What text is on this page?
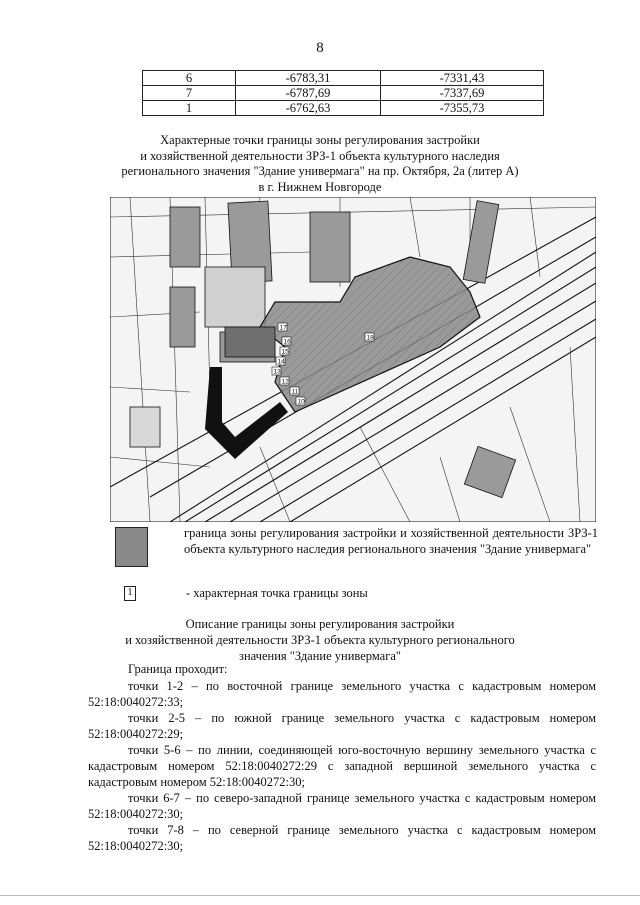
8
6	-6783,31	-7331,43
7	-6787,69	-7337,69
1	-6762,63	-7355,73
Характерные точки границы зоны регулирования застройки
и хозяйственной деятельности ЗРЗ-1 объекта культурного наследия
регионального значения "Здание универмага" на пр. Октября, 2а (литер А)
в г. Нижнем Новгороде
17
18
16
15
14
13
12
11
10
граница зоны регулирования застройки и хозяйственной деятельности ЗРЗ-1 объекта культурного наследия регионального значения "Здание универмага"
1	- характерная точка границы зоны
Описание границы зоны регулирования застройки
и хозяйственной деятельности ЗРЗ-1 объекта культурного регионального
значения "Здание универмага"

Граница проходит:

точки 1-2 – по восточной границе земельного участка с кадастровым номером 52:18:0040272:33;

точки 2-5 – по южной границе земельного участка с кадастровым номером 52:18:0040272:29;

точки 5-6 – по линии, соединяющей юго-восточную вершину земельного участка с кадастровым номером 52:18:0040272:29 с западной вершиной земельного участка с кадастровым номером 52:18:0040272:30;

точки 6-7 – по северо-западной границе земельного участка с кадастровым номером 52:18:0040272:30;

точки 7-8 – по северной границе земельного участка с кадастровым номером 52:18:0040272:30;
